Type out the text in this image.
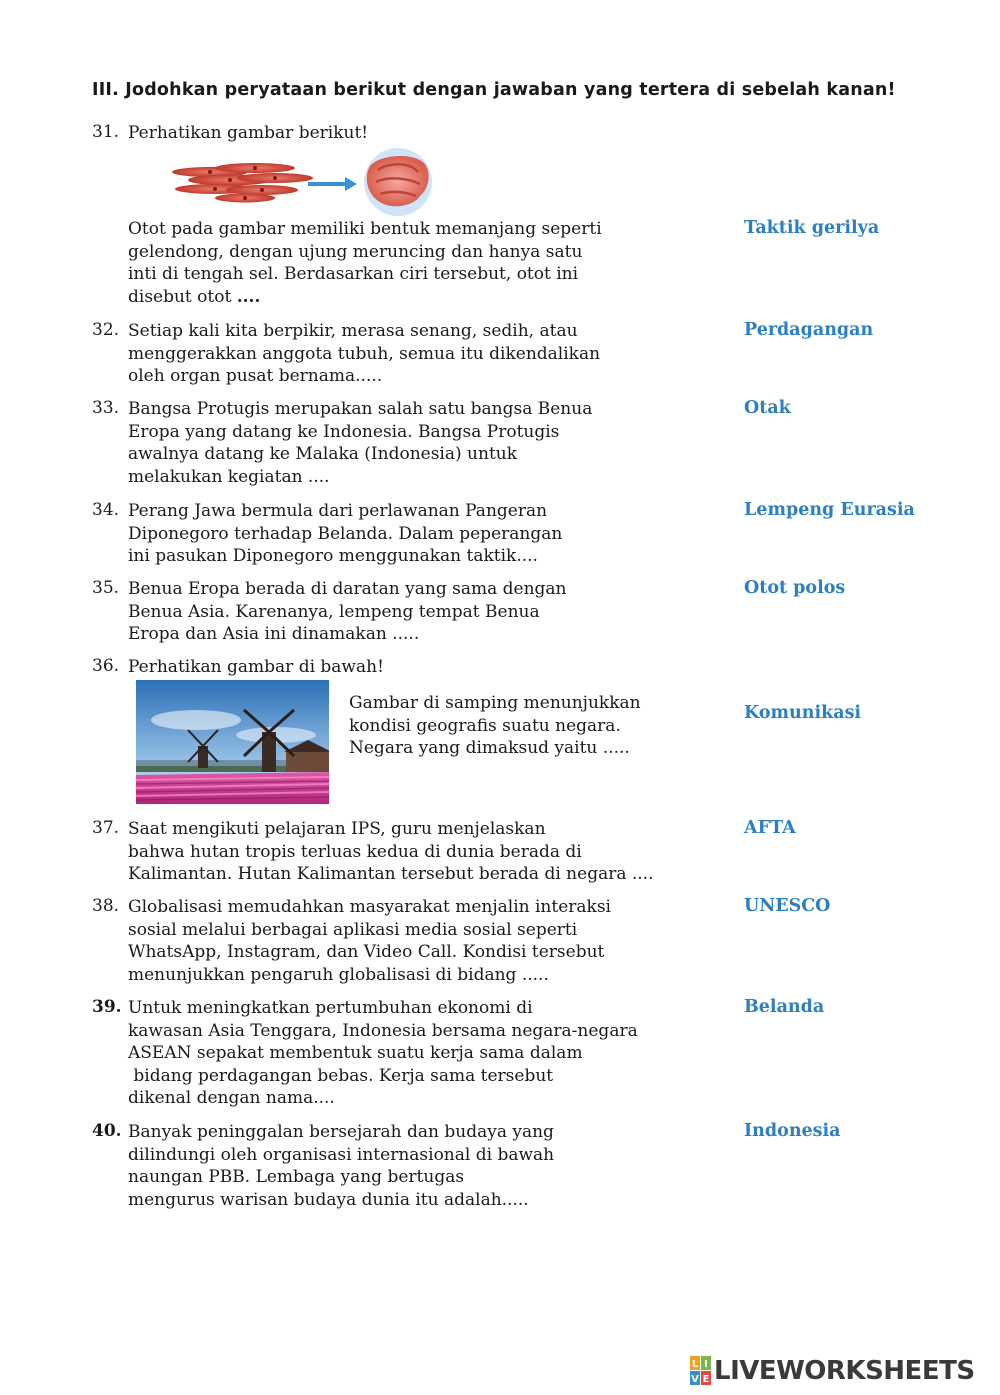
III. Jodohkan peryataan berikut dengan jawaban yang tertera di sebelah kanan!
31. Perhatikan gambar berikut!
Otot pada gambar memiliki bentuk memanjang seperti
gelendong, dengan ujung meruncing dan hanya satu
inti di tengah sel. Berdasarkan ciri tersebut, otot ini
disebut otot ....
Taktik gerilya
32. Setiap kali kita berpikir, merasa senang, sedih, atau
menggerakkan anggota tubuh, semua itu dikendalikan
oleh organ pusat bernama.....
Perdagangan
33. Bangsa Protugis merupakan salah satu bangsa Benua
Eropa yang datang ke Indonesia. Bangsa Protugis
awalnya datang ke Malaka (Indonesia) untuk
melakukan kegiatan ....
Otak
34. Perang Jawa bermula dari perlawanan Pangeran
Diponegoro terhadap Belanda. Dalam peperangan
ini pasukan Diponegoro menggunakan taktik....
Lempeng Eurasia
35. Benua Eropa berada di daratan yang sama dengan
Benua Asia. Karenanya, lempeng tempat Benua
Eropa dan Asia ini dinamakan .....
Otot polos
36. Perhatikan gambar di bawah!
Gambar di samping menunjukkan
kondisi geografis suatu negara.
Negara yang dimaksud yaitu .....
Komunikasi
37. Saat mengikuti pelajaran IPS, guru menjelaskan
bahwa hutan tropis terluas kedua di dunia berada di
Kalimantan. Hutan Kalimantan tersebut berada di negara ....
AFTA
38. Globalisasi memudahkan masyarakat menjalin interaksi
sosial melalui berbagai aplikasi media sosial seperti
WhatsApp, Instagram, dan Video Call. Kondisi tersebut
menunjukkan pengaruh globalisasi di bidang .....
UNESCO
39. Untuk meningkatkan pertumbuhan ekonomi di
kawasan Asia Tenggara, Indonesia bersama negara-negara
ASEAN sepakat membentuk suatu kerja sama dalam
bidang perdagangan bebas. Kerja sama tersebut
dikenal dengan nama....
Belanda
40. Banyak peninggalan bersejarah dan budaya yang
dilindungi oleh organisasi internasional di bawah
naungan PBB. Lembaga yang bertugas
mengurus warisan budaya dunia itu adalah.....
Indonesia
L I
V E LIVEWORKSHEETS
